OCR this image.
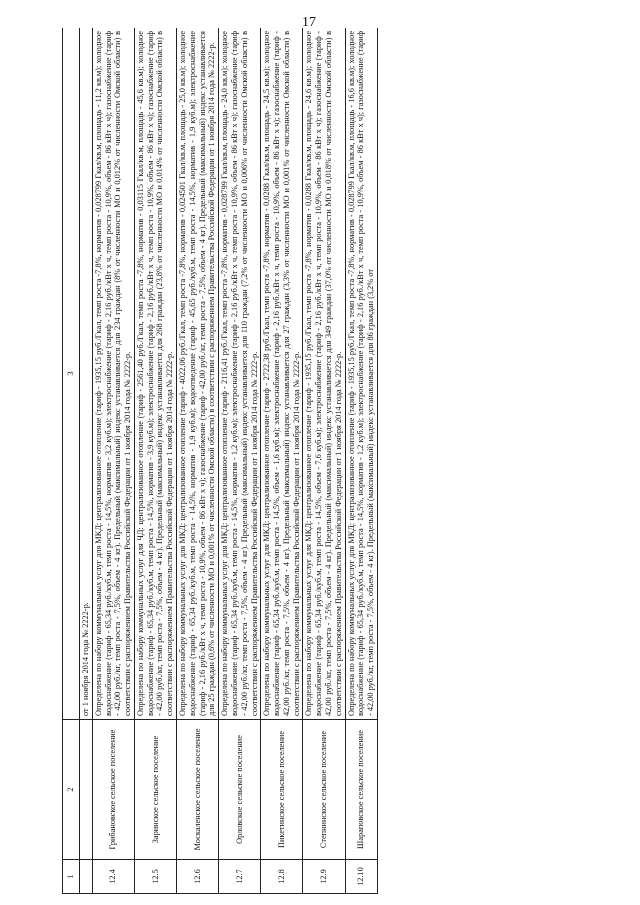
17
1	2	3
		от 1 ноября 2014 года № 2222-р.
12.4	Грибановское сельское поселение	Определена по набору коммунальных услуг для МКД: централизованное отопление (тариф - 1935,15 руб./Гкал, темп роста -7,8%, норматив - 0,028799 Гкал/кв.м, площадь - 11,2 кв.м); холодное водоснабжение (тариф - 65,34 руб./куб.м, темп роста - 14,5%, норматив - 3,2 куб.м); электроснабжение (тариф - 2,16 руб./кВт х ч, темп роста - 10,9%, объем - 86 кВт х ч); газоснабжение (тариф - 42,00 руб./кг, темп роста - 7,5%, объем - 4 кг). Предельный (максимальный) индекс устанавливается для 234 граждан (8% от численности МО и 0,012% от численности Омской области) в соответствии с распоряжением Правительства Российской Федерации от 1 ноября 2014 года № 2222-р.
12.5	Заринское сельское поселение	Определена по набору коммунальных услуг для ЧД: централизованное отопление (тариф - 2561,40 руб./Гкал, темп роста -7,8%, норматив - 0,03115 Гкал/кв.м, площадь - 45,6 кв.м); холодное водоснабжение (тариф - 65,34 руб./куб.м, темп роста - 14,5%, норматив - 3,9 куб.м); электроснабжение (тариф - 2,16 руб./кВт х ч, темп роста - 10,9%, объем - 86 кВт х ч); газоснабжение (тариф - 42,00 руб./кг, темп роста - 7,5%, объем - 4 кг). Предельный (максимальный) индекс устанавливается для 268 граждан (23,8% от численности МО и 0,014% от численности Омской области) в соответствии с распоряжением Правительства Российской Федерации от 1 ноября 2014 года № 2222-р.
12.6	Москаленское сельское поселение	Определена по набору коммунальных услуг для МКД: централизованное отопление (тариф - 4022,06 руб./Гкал, темп роста -7,8%, норматив - 0,024501 Гкал/кв.м, площадь - 25,0 кв.м); холодное водоснабжение (тариф - 65,34 руб./куб.м, темп роста - 14,5%, норматив - 1,9 куб.м); водоотведение (тариф - 45,65 руб./куб.м, темп роста - 14,5%, норматив - 1,9 куб.м); электроснабжение (тариф - 2,16 руб./кВт х ч, темп роста - 10,9%, объем - 86 кВт х ч); газоснабжение (тариф - 42,00 руб./кг, темп роста - 7,5%, объем - 4 кг). Предельный (максимальный) индекс устанавливается для 25 граждан (0,6% от численности МО и 0,001% от численности Омской области) в соответствии с распоряжением Правительства Российской Федерации от 1 ноября 2014 года № 2222-р.
12.7	Орловское сельское поселение	Определена по набору коммунальных услуг для МКД: централизованное отопление (тариф - 2116,41 руб./Гкал, темп роста -7,8%, норматив - 0,028799 Гкал/кв.м, площадь - 24,0 кв.м); холодное водоснабжение (тариф - 65,34 руб./куб.м, темп роста - 14,5%, норматив - 1,2 куб.м); электроснабжение (тариф - 2,16 руб./кВт х ч, темп роста - 10,9%, объем - 86 кВт х ч); газоснабжение (тариф - 42,00 руб./кг, темп роста - 7,5%, объем - 4 кг). Предельный (максимальный) индекс устанавливается для 110 граждан (7,2% от численности МО и 0,006% от численности Омской области) в соответствии с распоряжением Правительства Российской Федерации от 1 ноября 2014 года № 2222-р.
12.8	Пикетинское сельское поселение	Определена по набору коммунальных услуг для МКД: централизованное отопление (тариф - 2722,38 руб./Гкал, темп роста -7,8%, норматив - 0,0288 Гкал/кв.м, площадь - 24,5 кв.м); холодное водоснабжение (тариф - 65,34 руб./куб.м, темп роста - 14,5%, объем - 1,6 куб.м); электроснабжение (тариф - 2,16 руб./кВт х ч, темп роста - 10,9%, объем - 86 кВт х ч); газоснабжение (тариф - 42,00 руб./кг, темп роста - 7,5%, объем - 4 кг). Предельный (максимальный) индекс устанавливается для 27 граждан (3,3% от численности МО и 0,001% от численности Омской области) в соответствии с распоряжением Правительства Российской Федерации от 1 ноября 2014 года № 2222-р.
12.9	Степнинское сельское поселение	Определена по набору коммунальных услуг для МКД: централизованное отопление (тариф - 1935,15 руб./Гкал, темп роста -7,8%, норматив - 0,0288 Гкал/кв.м, площадь - 24,6 кв.м); холодное водоснабжение (тариф - 65,34 руб./куб.м, темп роста - 14,5%, объем - 7,6 куб.м); электроснабжение (тариф - 2,16 руб./кВт х ч, темп роста - 10,9%, объем - 86 кВт х ч); газоснабжение (тариф - 42,00 руб./кг, темп роста - 7,5%, объем - 4 кг). Предельный (максимальный) индекс устанавливается для 349 граждан (37,0% от численности МО и 0,018% от численности Омской области) в соответствии с распоряжением Правительства Российской Федерации от 1 ноября 2014 года № 2222-р.
12.10	Шараповское сельское поселение	Определена по набору коммунальных услуг для МКД: централизованное отопление (тариф - 1935,15 руб./Гкал, темп роста -7,8%, норматив - 0,028799 Гкал/кв.м, площадь - 16,6 кв.м); холодное водоснабжение (тариф - 65,34 руб./куб.м, темп роста - 14,5%, норматив - 1,2 куб.м); электроснабжение (тариф - 2,16 руб./кВт х ч, темп роста - 10,9%, объем - 86 кВт х ч); газоснабжение (тариф - 42,00 руб./кг, темп роста - 7,5%, объем - 4 кг). Предельный (максимальный) индекс устанавливается для 86 граждан (3,2% от
